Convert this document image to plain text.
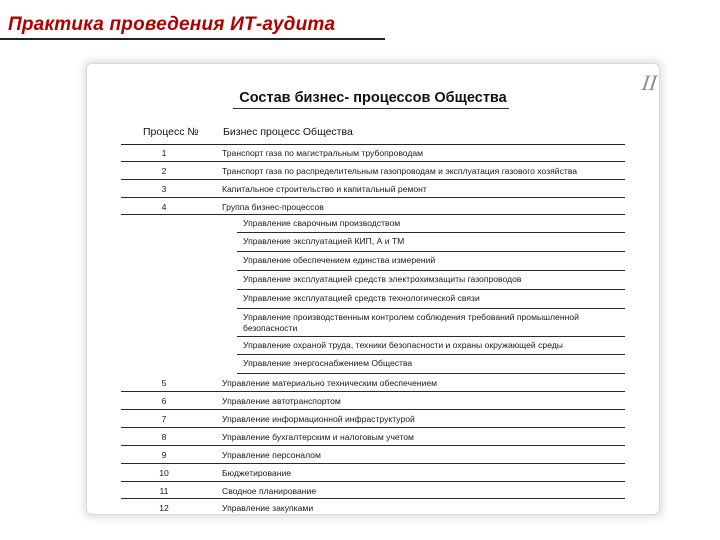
Практика проведения ИТ-аудита
II
Состав бизнес- процессов Общества
Процесс № Бизнес процесс Общества
1	Транспорт газа по магистральным трубопроводам
2	Транспорт газа по распределительным газопроводам и эксплуатация газового хозяйства
3	Капитальное строительство и капитальный ремонт
4	Группа бизнес-процессов
Управление сварочным производством
Управление эксплуатацией КИП, А и ТМ
Управление обеспечением единства измерений
Управление эксплуатацией средств электрохимзащиты газопроводов
Управление эксплуатацией средств технологической связи
Управление производственным контролем соблюдения требований промышленной безопасности
Управление охраной труда, техники безопасности и охраны окружающей среды
Управление энергоснабжением Общества
5	Управление материально техническим обеспечением
6	Управление автотранспортом
7	Управление информационной инфраструктурой
8	Управление бухгалтерским и налоговым учетом
9	Управление персоналом
10	Бюджетирование
11	Сводное планирование
12	Управление закупками
